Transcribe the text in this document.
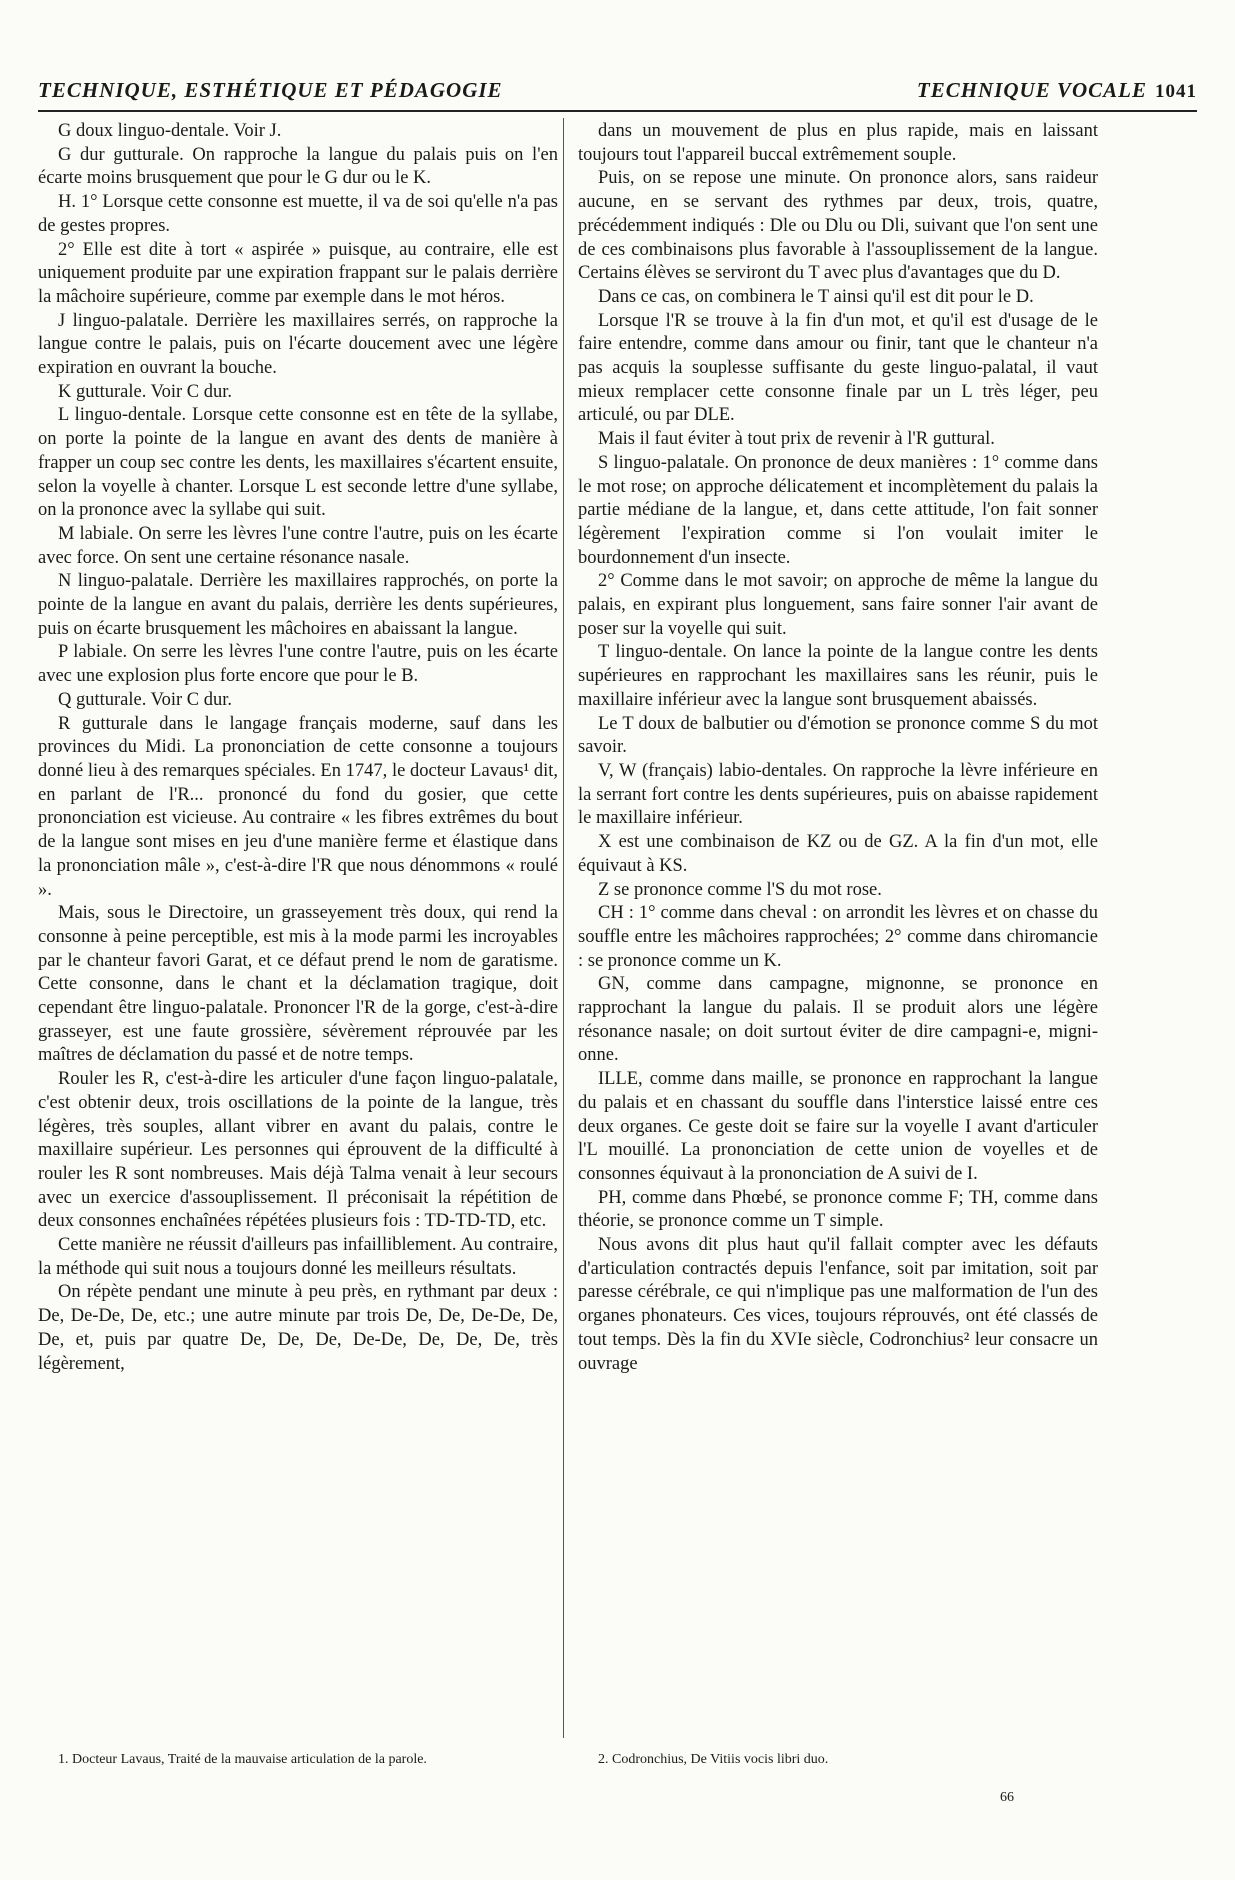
TECHNIQUE, ESTHÉTIQUE ET PÉDAGOGIE	TECHNIQUE VOCALE 1041

G doux linguo-dentale. Voir J.

G dur gutturale. On rapproche la langue du palais puis on l'en écarte moins brusquement que pour le G dur ou le K.

H. 1° Lorsque cette consonne est muette, il va de soi qu'elle n'a pas de gestes propres.

2° Elle est dite à tort « aspirée » puisque, au contraire, elle est uniquement produite par une expiration frappant sur le palais derrière la mâchoire supérieure, comme par exemple dans le mot héros.

J linguo-palatale. Derrière les maxillaires serrés, on rapproche la langue contre le palais, puis on l'écarte doucement avec une légère expiration en ouvrant la bouche.

K gutturale. Voir C dur.

L linguo-dentale. Lorsque cette consonne est en tête de la syllabe, on porte la pointe de la langue en avant des dents de manière à frapper un coup sec contre les dents, les maxillaires s'écartent ensuite, selon la voyelle à chanter. Lorsque L est seconde lettre d'une syllabe, on la prononce avec la syllabe qui suit.

M labiale. On serre les lèvres l'une contre l'autre, puis on les écarte avec force. On sent une certaine résonance nasale.

N linguo-palatale. Derrière les maxillaires rapprochés, on porte la pointe de la langue en avant du palais, derrière les dents supérieures, puis on écarte brusquement les mâchoires en abaissant la langue.

P labiale. On serre les lèvres l'une contre l'autre, puis on les écarte avec une explosion plus forte encore que pour le B.

Q gutturale. Voir C dur.

R gutturale dans le langage français moderne, sauf dans les provinces du Midi. La prononciation de cette consonne a toujours donné lieu à des remarques spéciales. En 1747, le docteur Lavaus¹ dit, en parlant de l'R... prononcé du fond du gosier, que cette prononciation est vicieuse. Au contraire « les fibres extrêmes du bout de la langue sont mises en jeu d'une manière ferme et élastique dans la prononciation mâle », c'est-à-dire l'R que nous dénommons « roulé ».

Mais, sous le Directoire, un grasseyement très doux, qui rend la consonne à peine perceptible, est mis à la mode parmi les incroyables par le chanteur favori Garat, et ce défaut prend le nom de garatisme. Cette consonne, dans le chant et la déclamation tragique, doit cependant être linguo-palatale. Prononcer l'R de la gorge, c'est-à-dire grasseyer, est une faute grossière, sévèrement réprouvée par les maîtres de déclamation du passé et de notre temps.

Rouler les R, c'est-à-dire les articuler d'une façon linguo-palatale, c'est obtenir deux, trois oscillations de la pointe de la langue, très légères, très souples, allant vibrer en avant du palais, contre le maxillaire supérieur. Les personnes qui éprouvent de la difficulté à rouler les R sont nombreuses. Mais déjà Talma venait à leur secours avec un exercice d'assouplissement. Il préconisait la répétition de deux consonnes enchaînées répétées plusieurs fois : TD-TD-TD, etc.

Cette manière ne réussit d'ailleurs pas infailliblement. Au contraire, la méthode qui suit nous a toujours donné les meilleurs résultats.

On répète pendant une minute à peu près, en rythmant par deux : De, De-De, De, etc.; une autre minute par trois De, De, De-De, De, De, et, puis par quatre De, De, De, De-De, De, De, De, très légèrement,

dans un mouvement de plus en plus rapide, mais en laissant toujours tout l'appareil buccal extrêmement souple.

Puis, on se repose une minute. On prononce alors, sans raideur aucune, en se servant des rythmes par deux, trois, quatre, précédemment indiqués : Dle ou Dlu ou Dli, suivant que l'on sent une de ces combinaisons plus favorable à l'assouplissement de la langue. Certains élèves se serviront du T avec plus d'avantages que du D.

Dans ce cas, on combinera le T ainsi qu'il est dit pour le D.

Lorsque l'R se trouve à la fin d'un mot, et qu'il est d'usage de le faire entendre, comme dans amour ou finir, tant que le chanteur n'a pas acquis la souplesse suffisante du geste linguo-palatal, il vaut mieux remplacer cette consonne finale par un L très léger, peu articulé, ou par DLE.

Mais il faut éviter à tout prix de revenir à l'R guttural.

S linguo-palatale. On prononce de deux manières : 1° comme dans le mot rose; on approche délicatement et incomplètement du palais la partie médiane de la langue, et, dans cette attitude, l'on fait sonner légèrement l'expiration comme si l'on voulait imiter le bourdonnement d'un insecte.

2° Comme dans le mot savoir; on approche de même la langue du palais, en expirant plus longuement, sans faire sonner l'air avant de poser sur la voyelle qui suit.

T linguo-dentale. On lance la pointe de la langue contre les dents supérieures en rapprochant les maxillaires sans les réunir, puis le maxillaire inférieur avec la langue sont brusquement abaissés.

Le T doux de balbutier ou d'émotion se prononce comme S du mot savoir.

V, W (français) labio-dentales. On rapproche la lèvre inférieure en la serrant fort contre les dents supérieures, puis on abaisse rapidement le maxillaire inférieur.

X est une combinaison de KZ ou de GZ. A la fin d'un mot, elle équivaut à KS.

Z se prononce comme l'S du mot rose.

CH : 1° comme dans cheval : on arrondit les lèvres et on chasse du souffle entre les mâchoires rapprochées; 2° comme dans chiromancie : se prononce comme un K.

GN, comme dans campagne, mignonne, se prononce en rapprochant la langue du palais. Il se produit alors une légère résonance nasale; on doit surtout éviter de dire campagni-e, migni-onne.

ILLE, comme dans maille, se prononce en rapprochant la langue du palais et en chassant du souffle dans l'interstice laissé entre ces deux organes. Ce geste doit se faire sur la voyelle I avant d'articuler l'L mouillé. La prononciation de cette union de voyelles et de consonnes équivaut à la prononciation de A suivi de I.

PH, comme dans Phœbé, se prononce comme F; TH, comme dans théorie, se prononce comme un T simple.

Nous avons dit plus haut qu'il fallait compter avec les défauts d'articulation contractés depuis l'enfance, soit par imitation, soit par paresse cérébrale, ce qui n'implique pas une malformation de l'un des organes phonateurs. Ces vices, toujours réprouvés, ont été classés de tout temps. Dès la fin du XVIe siècle, Codronchius² leur consacre un ouvrage

1. Docteur Lavaus, Traité de la mauvaise articulation de la parole.	2. Codronchius, De Vitiis vocis libri duo.
66
